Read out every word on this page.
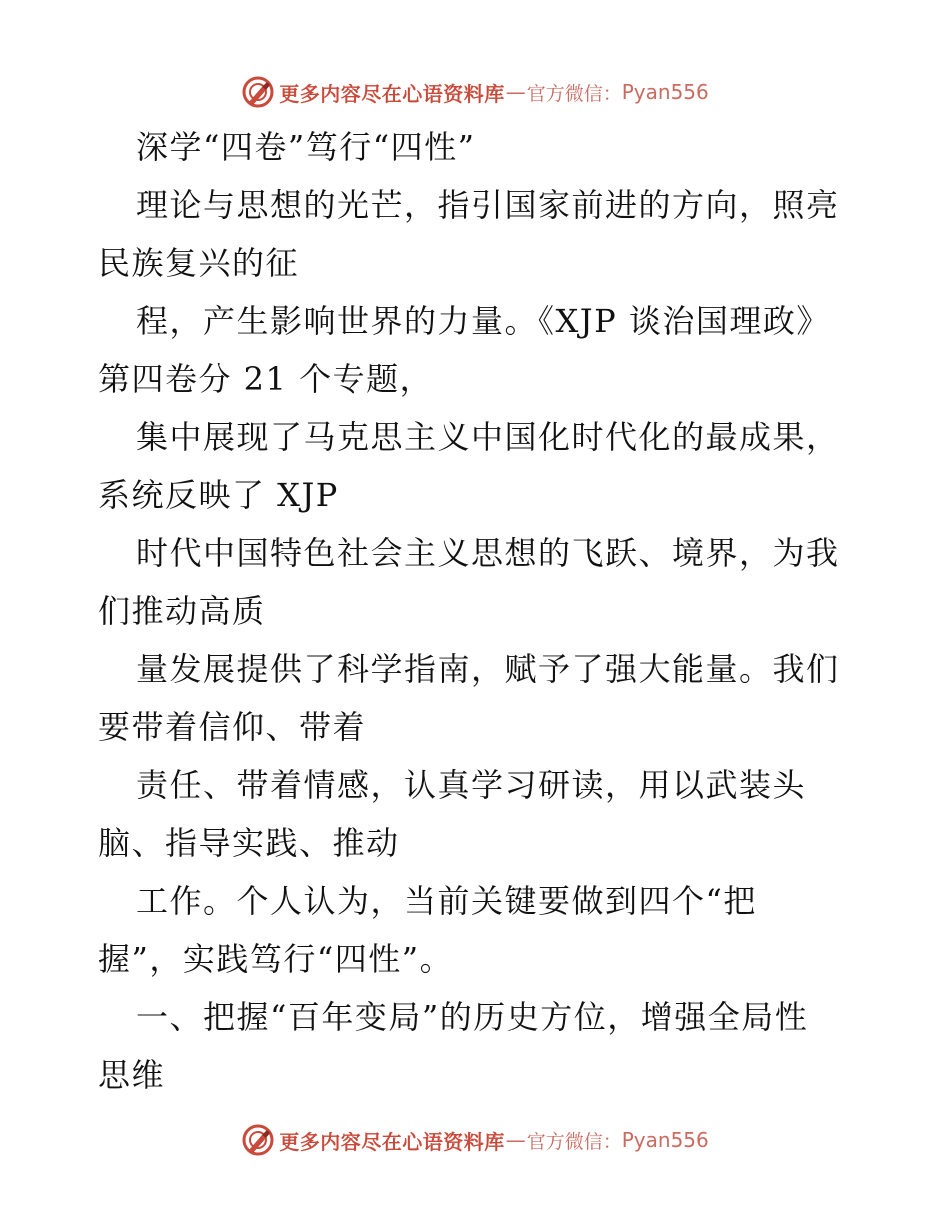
更多内容尽在心语资料库 — 官方微信： Pyan556
深学“四卷”笃行“四性”
理论与思想的光芒，指引国家前进的方向，照亮
民族复兴的征
程，产生影响世界的力量。《XJP 谈治国理政》
第四卷分 21 个专题，
集中展现了马克思主义中国化时代化的最成果，
系统反映了 XJP
时代中国特色社会主义思想的飞跃、境界，为我
们推动高质
量发展提供了科学指南，赋予了强大能量。我们
要带着信仰、带着
责任、带着情感，认真学习研读，用以武装头
脑、指导实践、推动
工作。个人认为，当前关键要做到四个“把
握”，实践笃行“四性”。
一、把握“百年变局”的历史方位，增强全局性
思维
更多内容尽在心语资料库 — 官方微信： Pyan556
